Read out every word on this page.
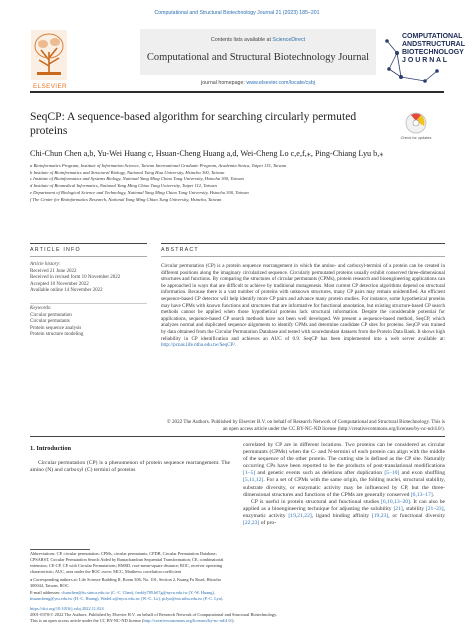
Computational and Structural Biotechnology Journal 21 (2023) 185–201
ELSEVIER
Contents lists available at ScienceDirect
Computational and Structural Biotechnology Journal
journal homepage: www.elsevier.com/locate/csbj
COMPUTATIONAL
ANDSTRUCTURAL
BIOTECHNOLOGY
J O U R N A L
SeqCP: A sequence-based algorithm for searching circularly permuted proteins
Check for updates
Chi-Chun Chen a,b, Yu-Wei Huang c, Hsuan-Cheng Huang a,d, Wei-Cheng Lo c,e,f,⁎, Ping-Chiang Lyu b,⁎
a Bioinformatics Program, Institute of Information Science, Taiwan International Graduate Program, Academia Sinica, Taipei 115, Taiwan
b Institute of Bioinformatics and Structural Biology, National Tsing Hua University, Hsinchu 300, Taiwan
c Institute of Bioinformatics and Systems Biology, National Yang Ming Chiao Tung University, Hsinchu 300, Taiwan
d Institute of Biomedical Informatics, National Yang Ming Chiao Tung University, Taipei 112, Taiwan
e Department of Biological Science and Technology, National Yang Ming Chiao Tung University, Hsinchu 300, Taiwan
f The Center for Bioinformatics Research, National Yang Ming Chiao Tung University, Hsinchu, Taiwan
ARTICLE INFO	ABSTRACT
Article history:
Received 21 June 2022
Received in revised form 10 November 2022
Accepted 10 November 2022
Available online 14 November 2022
Keywords:
Circular permutation
Circular permutants
Protein sequence analysis
Protein structure modeling
Circular permutation (CP) is a protein sequence rearrangement in which the amino- and carboxyl-termini of a protein can be created in different positions along the imaginary circularized sequence. Circularly permutated proteins usually exhibit conserved three-dimensional structures and functions. By comparing the structures of circular permutants (CPMs), protein research and bioengineering applications can be approached in ways that are difficult to achieve by traditional mutagenesis. Most current CP detection algorithms depend on structural information. Because there is a vast number of proteins with unknown structures, many CP pairs may remain unidentified. An efficient sequence-based CP detector will help identify more CP pairs and advance many protein studies. For instance, some hypothetical proteins may have CPMs with known functions and structures that are informative for functional annotation, but existing structure-based CP search methods cannot be applied when those hypothetical proteins lack structural information. Despite the considerable potential for applications, sequence-based CP search methods have not been well developed. We present a sequence-based method, SeqCP, which analyzes normal and duplicated sequence alignments to identify CPMs and determine candidate CP sites for proteins. SeqCP was trained by data obtained from the Circular Permutation Database and tested with nonredundant datasets from the Protein Data Bank. It shows high reliability in CP identification and achieves an AUC of 0.9. SeqCP has been implemented into a web server available at: http://pcnas.life.nthu.edu.tw/SeqCP/.
© 2022 The Authors. Published by Elsevier B.V. on behalf of Research Network of Computational and Structural Biotechnology. This is an open access article under the CC BY-NC-ND license (http://creativecommons.org/licenses/by-nc-nd/4.0/).
1. Introduction

Circular permutation (CP) is a phenomenon of protein sequence rearrangement. The amino (N) and carboxyl (C) termini of proteins

correlated by CP are in different locations. Two proteins can be considered as circular permutants (CPMs) when the C- and N-termini of each protein can align with the middle of the sequence of the other protein. The cutting site is defined as the CP site. Naturally occurring CPs have been reported to be the products of post-translational modifications [1–5] and genetic events such as deletions after duplication [5–10] and exon shuffling [5,11,12]. For a set of CPMs with the same origin, the folding nuclei, structural stability, substrate diversity, or enzymatic activity may be influenced by CP, but the three-dimensional structures and functions of the CPMs are generally conserved [6,13–17].

CP is useful in protein structural and functional studies [6,10,13–20]. It can also be applied as a bioengineering technique for adjusting the solubility [21], stability [21–23], enzymatic activity [19,21,22], ligand binding affinity [19,23], or functional diversity [22,23] of pro-

Abbreviations: CP, circular permutation; CPMs, circular permutants; CPDB, Circular Permutation Database; CPSARST, Circular Permutation Search Aided by Ramachandran Sequential Transformation; CE, combinatorial extension; CE-CP, CE with Circular Permutations; RMSD, root-mean-square distance; ROC, receiver operating characteristic; AUC, area under the ROC curve; MCC, Matthews correlation coefficient
⁎ Corresponding authors at: Life Science Building II, Room 306, No. 101, Section 2, Kuang Fu Road, Hsinchu 300044, Taiwan, ROC.
E-mail addresses: chunchen@iis.sinica.edu.tw (C.-C. Chen), freddy789.b07g@nycu.edu.tw (Y.-W. Huang), hsuancheng@ym.edu.tw (H.-C. Huang), WadeLo@nycu.edu.tw (W.-C. Lo), pclyu@mx.nthu.edu.tw (P.-C. Lyu).
https://doi.org/10.1016/j.csbj.2022.11.024
2001-0370/© 2022 The Authors. Published by Elsevier B.V. on behalf of Research Network of Computational and Structural Biotechnology.
This is an open access article under the CC BY-NC-ND license (http://creativecommons.org/licenses/by-nc-nd/4.0/).
